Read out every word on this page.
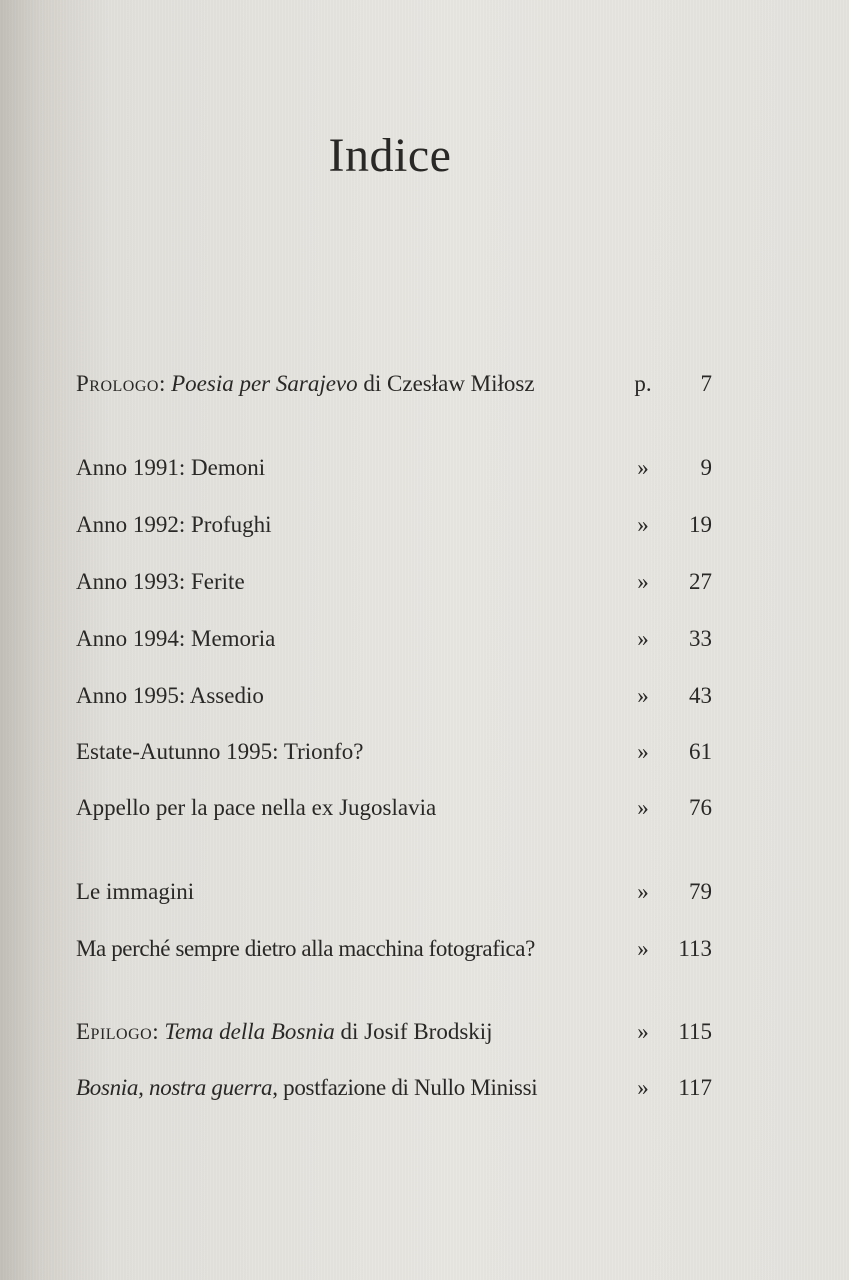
Indice
Prologo: Poesia per Sarajevo di Czesław Miłosz	p. 7
Anno 1991: Demoni	»	9
Anno 1992: Profughi	»	19
Anno 1993: Ferite	»	27
Anno 1994: Memoria	»	33
Anno 1995: Assedio	»	43
Estate-Autunno 1995: Trionfo?	»	61
Appello per la pace nella ex Jugoslavia	»	76
Le immagini	»	79
Ma perché sempre dietro alla macchina fotografica?	»	113
Epilogo: Tema della Bosnia di Josif Brodskij	»	115
Bosnia, nostra guerra, postfazione di Nullo Minissi	»	117
